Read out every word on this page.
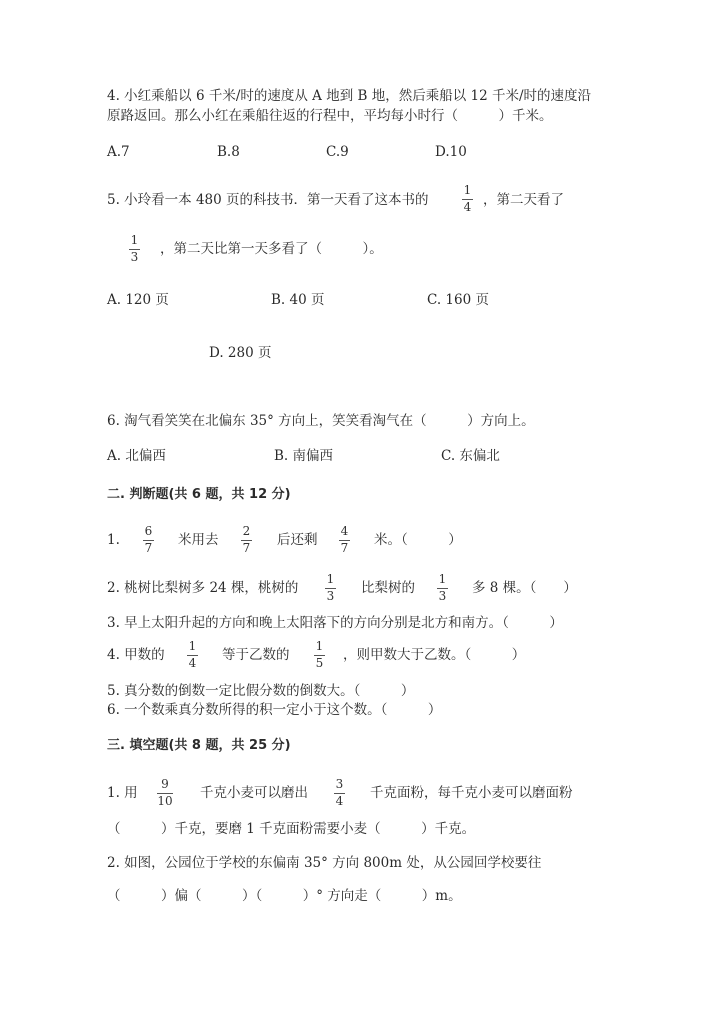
4. 小红乘船以 6 千米/时的速度从 A 地到 B 地，然后乘船以 12 千米/时的速度沿
原路返回。那么小红在乘船往返的行程中，平均每小时行（　　　）千米。
A.7	B.8	C.9	D.10
5. 小玲看一本 480 页的科技书．第一天看了这本书的
1
4 ，第二天看了
1
3 ，第二天比第一天多看了（　　　）。
A. 120 页	B. 40 页	C. 160 页
D. 280 页
6. 淘气看笑笑在北偏东 35° 方向上，笑笑看淘气在（　　　）方向上。
A. 北偏西	B. 南偏西	C. 东偏北
二. 判断题(共 6 题，共 12 分)
1.
6
7 米用去
2
7 后还剩
4
7 米。（　　　）
2. 桃树比梨树多 24 棵，桃树的
1
3 比梨树的
1
3 多 8 棵。（　　）
3. 早上太阳升起的方向和晚上太阳落下的方向分别是北方和南方。（　　　）
4. 甲数的
1
4 等于乙数的
1
5 ，则甲数大于乙数。（　　　）
5. 真分数的倒数一定比假分数的倒数大。（　　　）
6. 一个数乘真分数所得的积一定小于这个数。（　　　）
三. 填空题(共 8 题，共 25 分)
1. 用
9
10 千克小麦可以磨出
3
4 千克面粉，每千克小麦可以磨面粉
（　　　）千克，要磨 1 千克面粉需要小麦（　　　）千克。
2. 如图，公园位于学校的东偏南 35° 方向 800m 处，从公园回学校要往
（　　　）偏（　　　）（　　　）° 方向走（　　　）m。
